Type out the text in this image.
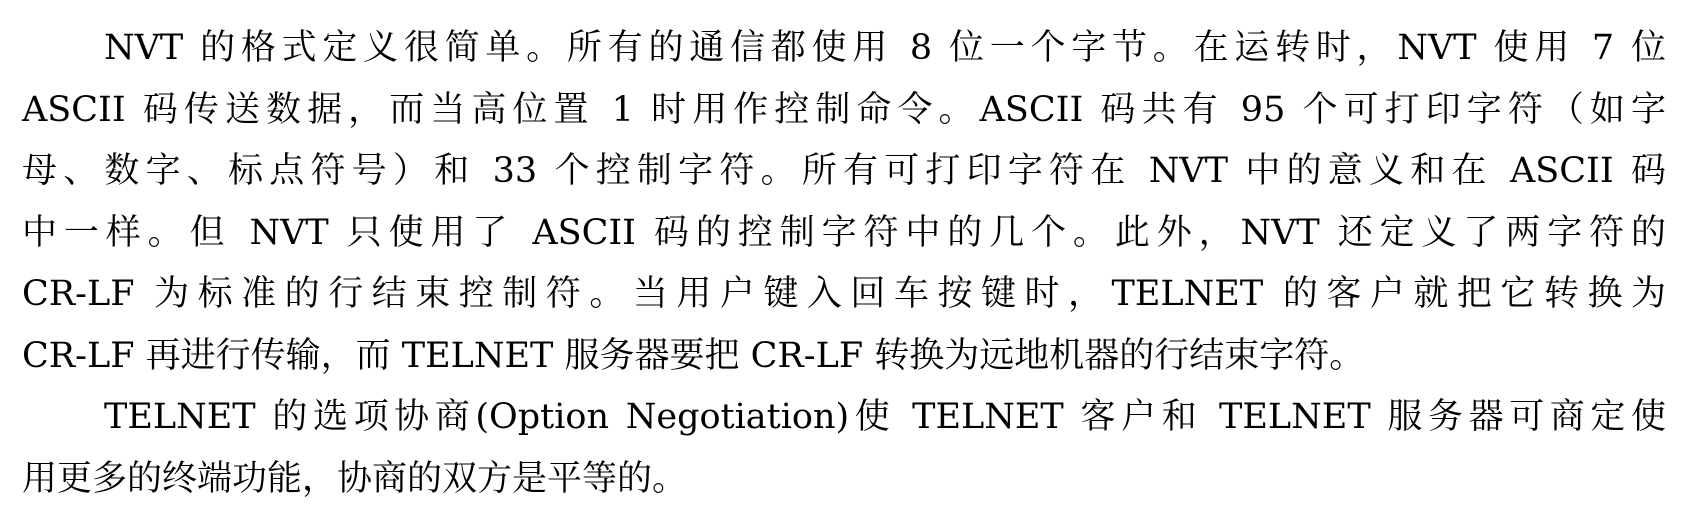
NVT 的格式定义很简单。所有的通信都使用 8 位一个字节。在运转时，NVT 使用 7 位
ASCII 码传送数据，而当高位置 1 时用作控制命令。ASCII 码共有 95 个可打印字符（如字
母、数字、标点符号）和 33 个控制字符。所有可打印字符在 NVT 中的意义和在 ASCII 码
中一样。但 NVT 只使用了 ASCII 码的控制字符中的几个。此外，NVT 还定义了两字符的
CR-LF 为标准的行结束控制符。当用户键入回车按键时，TELNET 的客户就把它转换为
CR-LF 再进行传输，而 TELNET 服务器要把 CR-LF 转换为远地机器的行结束字符。
TELNET 的选项协商(Option Negotiation)使 TELNET 客户和 TELNET 服务器可商定使
用更多的终端功能，协商的双方是平等的。
